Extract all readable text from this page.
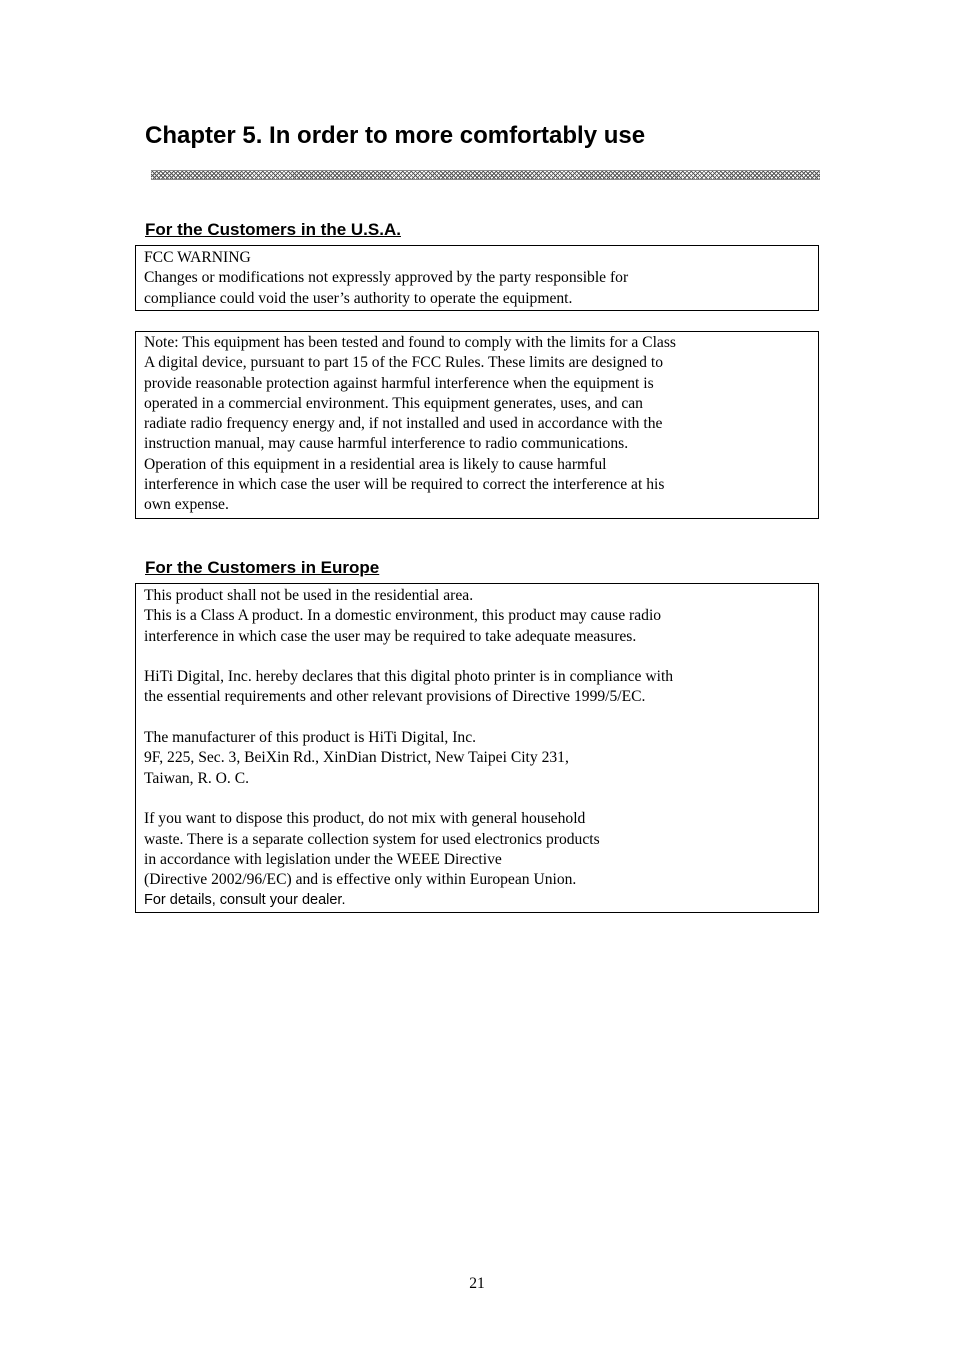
Chapter 5. In order to more comfortably use
For the Customers in the U.S.A.
FCC WARNING
Changes or modifications not expressly approved by the party responsible for
compliance could void the user’s authority to operate the equipment.
Note: This equipment has been tested and found to comply with the limits for a Class
A digital device, pursuant to part 15 of the FCC Rules. These limits are designed to
provide reasonable protection against harmful interference when the equipment is
operated in a commercial environment. This equipment generates, uses, and can
radiate radio frequency energy and, if not installed and used in accordance with the
instruction manual, may cause harmful interference to radio communications.
Operation of this equipment in a residential area is likely to cause harmful
interference in which case the user will be required to correct the interference at his
own expense.
For the Customers in Europe
This product shall not be used in the residential area.
This is a Class A product. In a domestic environment, this product may cause radio
interference in which case the user may be required to take adequate measures.
HiTi Digital, Inc. hereby declares that this digital photo printer is in compliance with
the essential requirements and other relevant provisions of Directive 1999/5/EC.
The manufacturer of this product is HiTi Digital, Inc.
9F, 225, Sec. 3, BeiXin Rd., XinDian District, New Taipei City 231,
Taiwan, R. O. C.
If you want to dispose this product, do not mix with general household
waste. There is a separate collection system for used electronics products
in accordance with legislation under the WEEE Directive
(Directive 2002/96/EC) and is effective only within European Union.
For details, consult your dealer.
21
